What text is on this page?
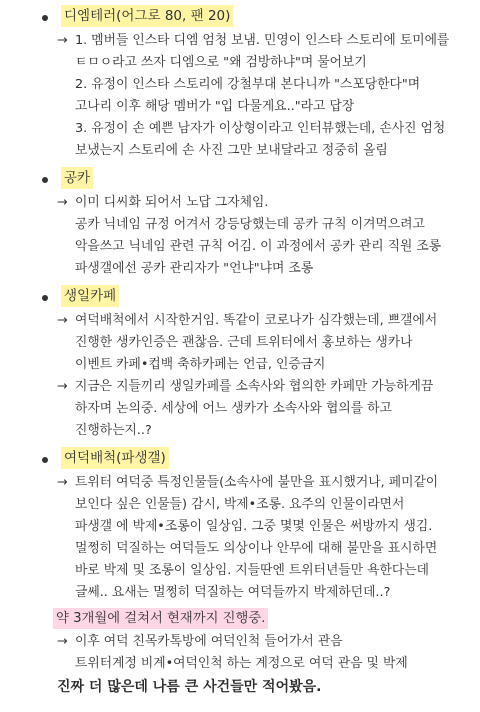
디엠테러(어그로 80, 팬 20)
→ 1. 멤버들 인스타 디엠 엄청 보냄. 민영이 인스타 스토리에 토미에를
ㅌㅁㅇ라고 쓰자 디엠으로 "왜 검방하냐"며 물어보기
2. 유정이 인스타 스토리에 강철부대 본다니까 "스포당한다"며
고나리 이후 해당 멤버가 "입 다물게요.."라고 답장
3. 유정이 손 예쁜 남자가 이상형이라고 인터뷰했는데, 손사진 엄청
보냈는지 스토리에 손 사진 그만 보내달라고 정중히 올림
공카
→ 이미 디씨화 되어서 노답 그자체임.
공카 닉네임 규정 어겨서 강등당했는데 공카 규칙 이겨먹으려고
악을쓰고 닉네임 관련 규칙 어김. 이 과정에서 공카 관리 직원 조롱
파생갤에선 공카 관리자가 "언냐"냐며 조롱
생일카페
→ 여덕배척에서 시작한거임. 똑같이 코로나가 심각했는데, 쁘갤에서
진행한 생카인증은 괜찮음. 근데 트위터에서 홍보하는 생카나
이벤트 카페•컵백 축하카페는 언급, 인증금지
→ 지금은 지들끼리 생일카페를 소속사와 협의한 카페만 가능하게끔
하자며 논의중. 세상에 어느 생카가 소속사와 협의를 하고
진행하는지..?
여덕배척(파생갤)
→ 트위터 여덕중 특정인물들(소속사에 불만을 표시했거나, 페미같이
보인다 싶은 인물들) 감시, 박제•조롱. 요주의 인물이라면서
파생갤 에 박제•조롱이 일상임. 그중 몇몇 인물은 써방까지 생김.
멀쩡히 덕질하는 여덕들도 의상이나 안무에 대해 불만을 표시하면
바로 박제 및 조롱이 일상임. 지들딴엔 트위터년들만 욕한다는데
글쎄.. 요새는 멀쩡히 덕질하는 여덕들까지 박제하던데..?
약 3개월에 걸쳐서 현재까지 진행중.
→ 이후 여덕 친목카톡방에 여덕인척 들어가서 관음
트위터계정 비계•여덕인척 하는 계정으로 여덕 관음 및 박제
진짜 더 많은데 나름 큰 사건들만 적어봤음.
